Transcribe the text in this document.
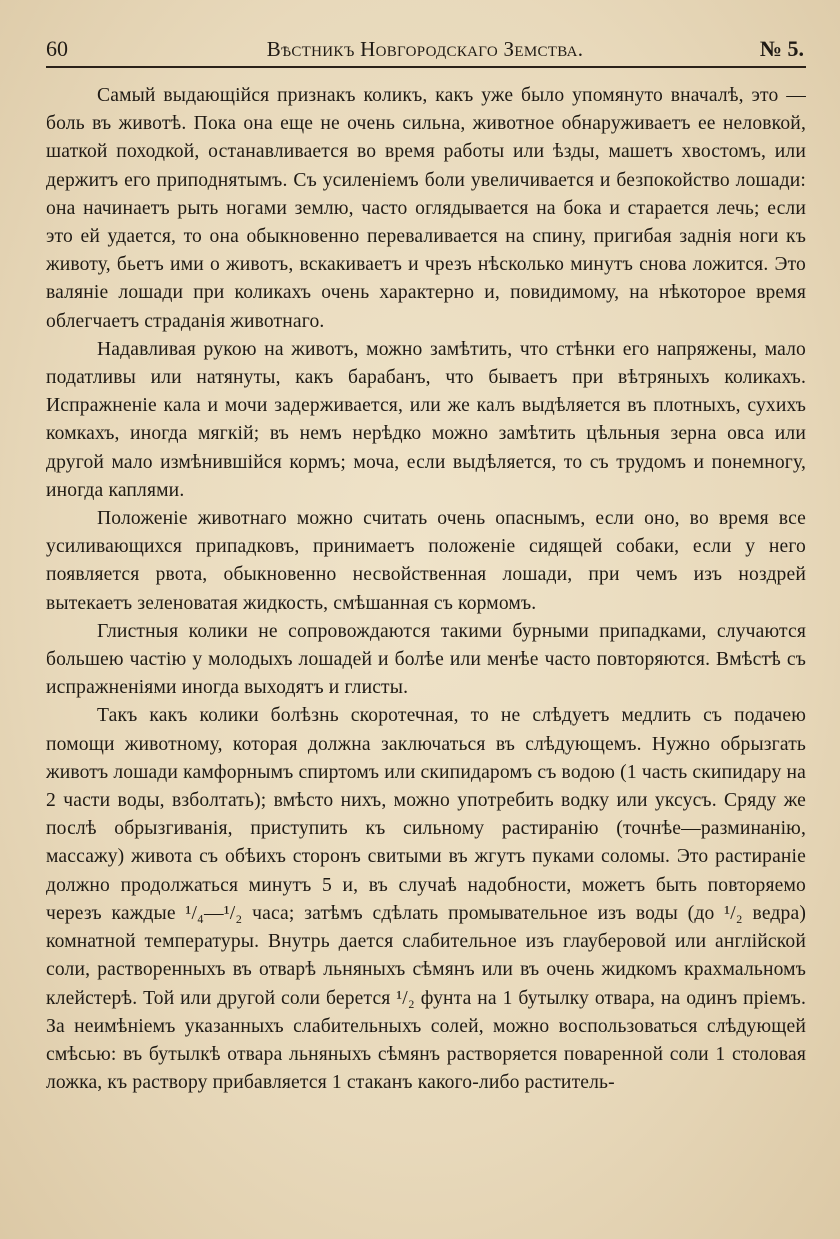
60	Вѣстникъ Новгородскаго Земства.	№ 5.

Самый выдающійся признакъ коликъ, какъ уже было упомянуто вначалѣ, это — боль въ животѣ. Пока она еще не очень сильна, животное обнаруживаетъ ее неловкой, шаткой походкой, останавливается во время работы или ѣзды, машетъ хвостомъ, или держитъ его приподнятымъ. Съ усиленіемъ боли увеличивается и безпокойство лошади: она начинаетъ рыть ногами землю, часто оглядывается на бока и старается лечь; если это ей удается, то она обыкновенно переваливается на спину, пригибая заднія ноги къ животу, бьетъ ими о животъ, вскакиваетъ и чрезъ нѣсколько минутъ снова ложится. Это валяніе лошади при коликахъ очень характерно и, повидимому, на нѣкоторое время облегчаетъ страданія животнаго.

Надавливая рукою на животъ, можно замѣтить, что стѣнки его напряжены, мало податливы или натянуты, какъ барабанъ, что бываетъ при вѣтряныхъ коликахъ. Испражненіе кала и мочи задерживается, или же калъ выдѣляется въ плотныхъ, сухихъ комкахъ, иногда мягкій; въ немъ нерѣдко можно замѣтить цѣльныя зерна овса или другой мало измѣнившійся кормъ; моча, если выдѣляется, то съ трудомъ и понемногу, иногда каплями.

Положеніе животнаго можно считать очень опаснымъ, если оно, во время все усиливающихся припадковъ, принимаетъ положеніе сидящей собаки, если у него появляется рвота, обыкновенно несвойственная лошади, при чемъ изъ ноздрей вытекаетъ зеленоватая жидкость, смѣшанная съ кормомъ.

Глистныя колики не сопровождаются такими бурными припадками, случаются большею частію у молодыхъ лошадей и болѣе или менѣе часто повторяются. Вмѣстѣ съ испражненіями иногда выходятъ и глисты.

Такъ какъ колики болѣзнь скоротечная, то не слѣдуетъ медлить съ подачею помощи животному, которая должна заключаться въ слѣдующемъ. Нужно обрызгать животъ лошади камфорнымъ спиртомъ или скипидаромъ съ водою (1 часть скипидару на 2 части воды, взболтать); вмѣсто нихъ, можно употребить водку или уксусъ. Сряду же послѣ обрызгиванія, приступить къ сильному растиранію (точнѣе—разминанію, массажу) живота съ обѣихъ сторонъ свитыми въ жгутъ пуками соломы. Это растираніе должно продолжаться минутъ 5 и, въ случаѣ надобности, можетъ быть повторяемо черезъ каждые ¹/₄—¹/₂ часа; затѣмъ сдѣлать промывательное изъ воды (до ¹/₂ ведра) комнатной температуры. Внутрь дается слабительное изъ глауберовой или англійской соли, растворенныхъ въ отварѣ льняныхъ сѣмянъ или въ очень жидкомъ крахмальномъ клейстерѣ. Той или другой соли берется ¹/₂ фунта на 1 бутылку отвара, на одинъ пріемъ. За неимѣніемъ указанныхъ слабительныхъ солей, можно воспользоваться слѣдующей смѣсью: въ бутылкѣ отвара льняныхъ сѣмянъ растворяется поваренной соли 1 столовая ложка, къ раствору прибавляется 1 стаканъ какого-либо раститель-
